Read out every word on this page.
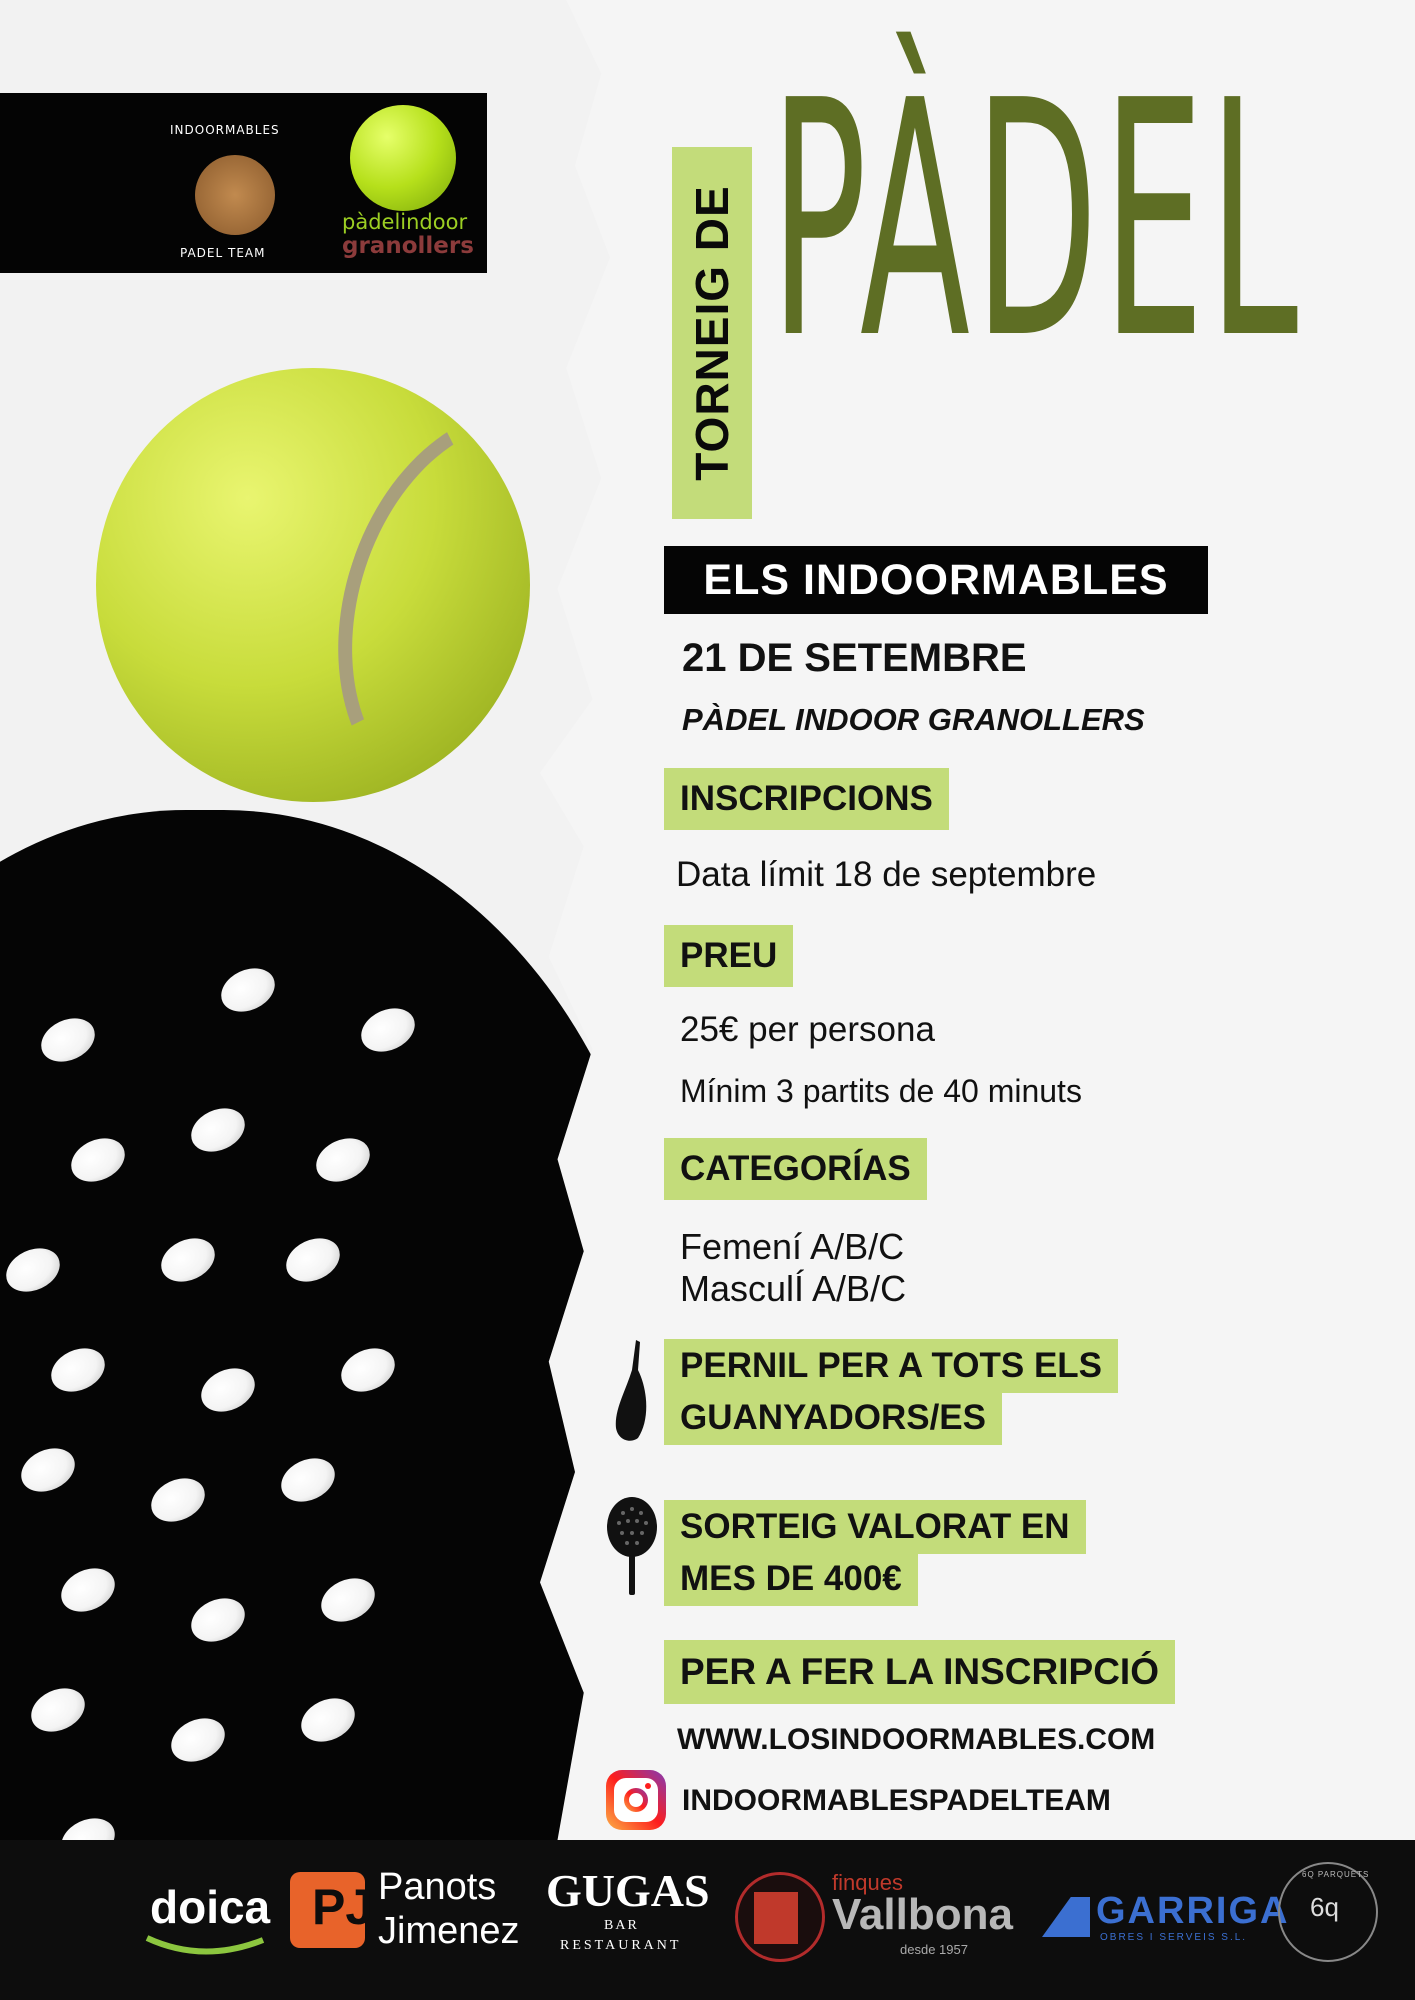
INDOORMABLES
PADEL TEAM
pàdelindoor
granollers	TORNEIG DE PÀDEL
ELS INDOORMABLES
21 DE SETEMBRE
PÀDEL INDOOR GRANOLLERS
INSCRIPCIONS
Data límit 18 de septembre
PREU
25€ per persona
Mínim 3 partits de 40 minuts
CATEGORÍAS
Femení A/B/C
MasculÍ A/B/C
PERNIL PER A TOTS ELS
GUANYADORS/ES
SORTEIG VALORAT EN
MES DE 400€
PER A FER LA INSCRIPCIÓ
WWW.LOSINDOORMABLES.COM
INDOORMABLESPADELTEAM
doica PJ Panots
Jimenez
GUGAS
BAR
RESTAURANT
finques
Vallbona
desde 1957
GARRIGA
OBRES I SERVEIS S.L.
6Q PARQUETS
6q
